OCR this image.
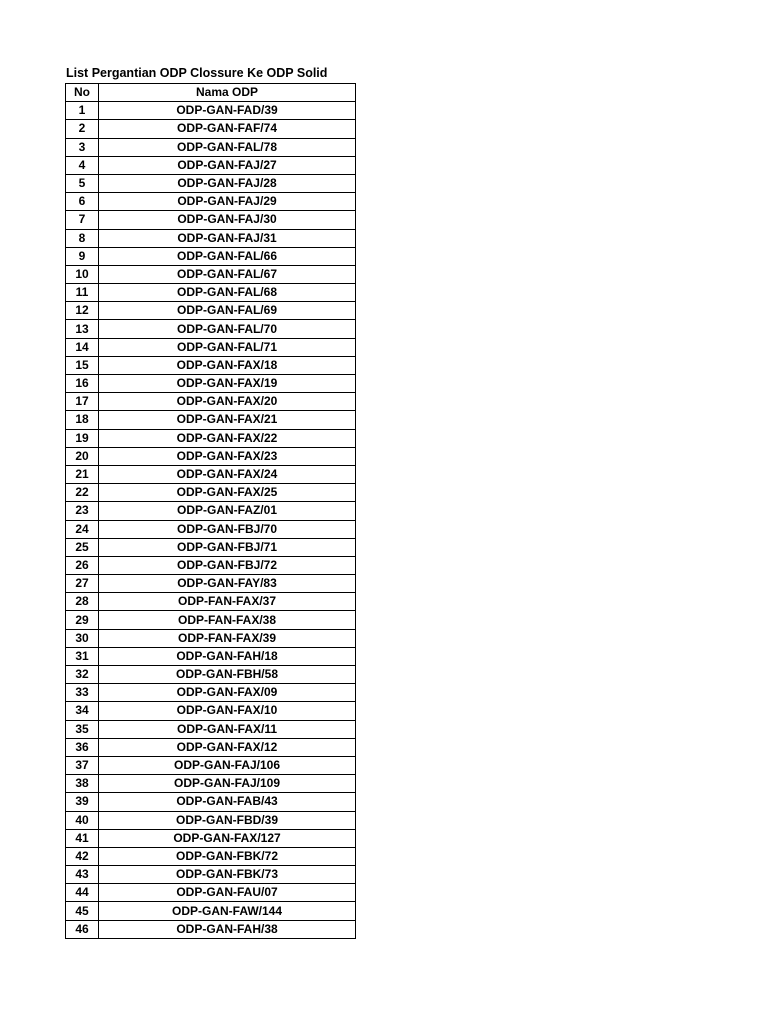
List Pergantian ODP Clossure Ke ODP Solid
No	Nama ODP
1	ODP-GAN-FAD/39
2	ODP-GAN-FAF/74
3	ODP-GAN-FAL/78
4	ODP-GAN-FAJ/27
5	ODP-GAN-FAJ/28
6	ODP-GAN-FAJ/29
7	ODP-GAN-FAJ/30
8	ODP-GAN-FAJ/31
9	ODP-GAN-FAL/66
10	ODP-GAN-FAL/67
11	ODP-GAN-FAL/68
12	ODP-GAN-FAL/69
13	ODP-GAN-FAL/70
14	ODP-GAN-FAL/71
15	ODP-GAN-FAX/18
16	ODP-GAN-FAX/19
17	ODP-GAN-FAX/20
18	ODP-GAN-FAX/21
19	ODP-GAN-FAX/22
20	ODP-GAN-FAX/23
21	ODP-GAN-FAX/24
22	ODP-GAN-FAX/25
23	ODP-GAN-FAZ/01
24	ODP-GAN-FBJ/70
25	ODP-GAN-FBJ/71
26	ODP-GAN-FBJ/72
27	ODP-GAN-FAY/83
28	ODP-FAN-FAX/37
29	ODP-FAN-FAX/38
30	ODP-FAN-FAX/39
31	ODP-GAN-FAH/18
32	ODP-GAN-FBH/58
33	ODP-GAN-FAX/09
34	ODP-GAN-FAX/10
35	ODP-GAN-FAX/11
36	ODP-GAN-FAX/12
37	ODP-GAN-FAJ/106
38	ODP-GAN-FAJ/109
39	ODP-GAN-FAB/43
40	ODP-GAN-FBD/39
41	ODP-GAN-FAX/127
42	ODP-GAN-FBK/72
43	ODP-GAN-FBK/73
44	ODP-GAN-FAU/07
45	ODP-GAN-FAW/144
46	ODP-GAN-FAH/38
